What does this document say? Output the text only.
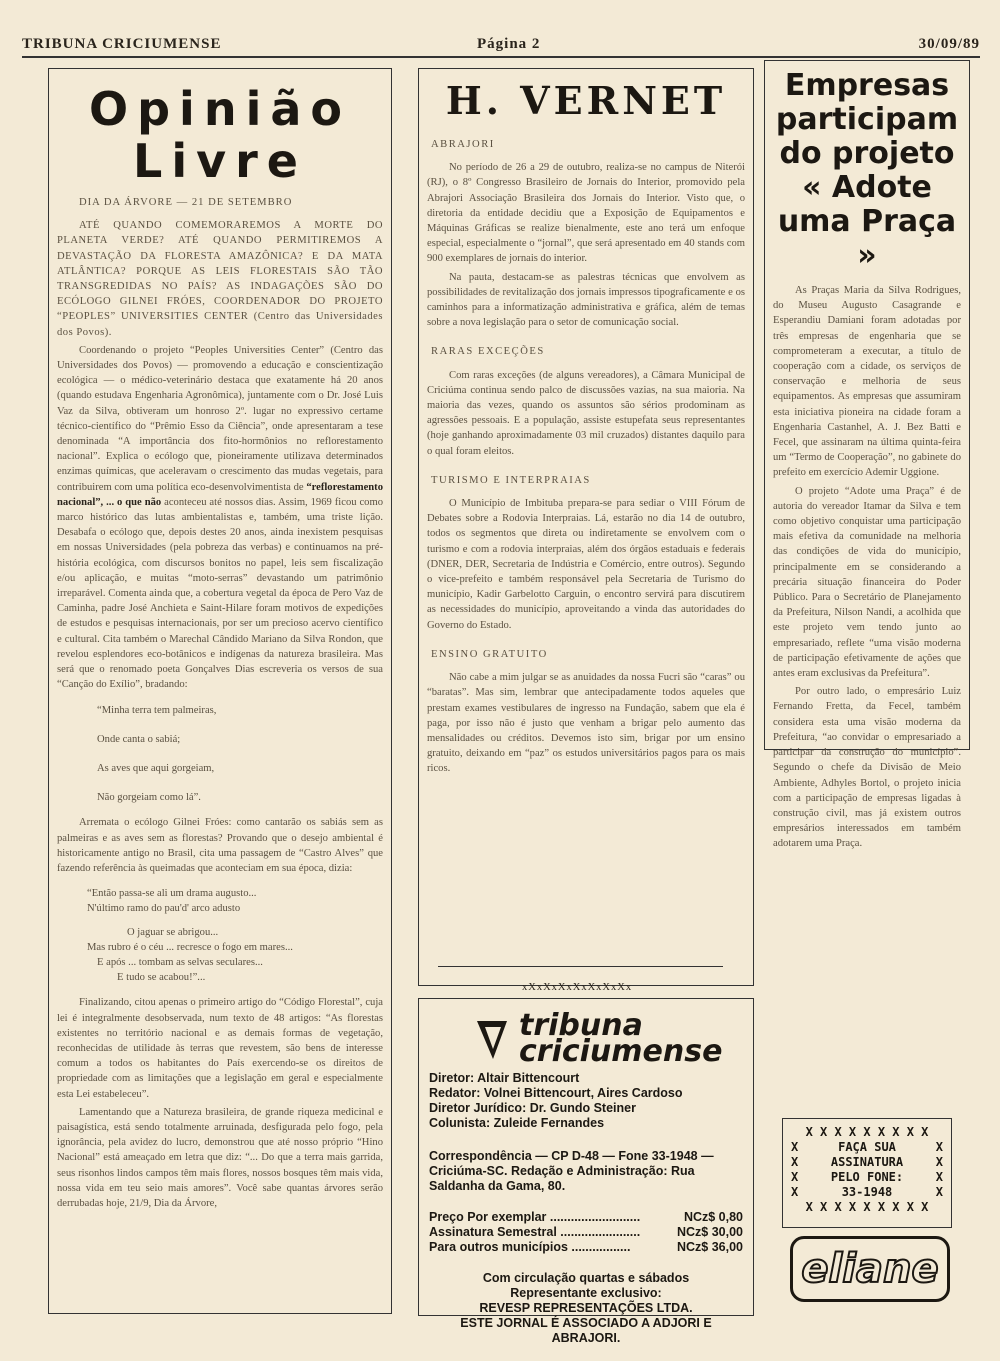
TRIBUNA CRICIUMENSE	Página 2	30/09/89
Opinião Livre
DIA DA ÁRVORE — 21 DE SETEMBRO

ATÉ QUANDO COMEMORAREMOS A MORTE DO PLANETA VERDE? ATÉ QUANDO PERMITIREMOS A DEVASTAÇÃO DA FLORESTA AMAZÔNICA? E DA MATA ATLÂNTICA? PORQUE AS LEIS FLORESTAIS SÃO TÃO TRANSGREDIDAS NO PAÍS? AS INDAGAÇÕES SÃO DO ECÓLOGO GILNEI FRÓES, COORDENADOR DO PROJETO “PEOPLES” UNIVERSITIES CENTER (Centro das Universidades dos Povos).

Coordenando o projeto “Peoples Universities Center” (Centro das Universidades dos Povos) — promovendo a educação e conscientização ecológica — o médico-veterinário destaca que exatamente há 20 anos (quando estudava Engenharia Agronômica), juntamente com o Dr. José Luis Vaz da Silva, obtiveram um honroso 2º. lugar no expressivo certame técnico-científico do “Prêmio Esso da Ciência”, onde apresentaram a tese denominada “A importância dos fito-hormônios no reflorestamento nacional”. Explica o ecólogo que, pioneiramente utilizava determinados enzimas químicas, que aceleravam o crescimento das mudas vegetais, para contribuirem com uma política eco-desenvolvimentista de “reflorestamento nacional”, ... o que não aconteceu até nossos dias. Assim, 1969 ficou como marco histórico das lutas ambientalistas e, também, uma triste lição. Desabafa o ecólogo que, depois destes 20 anos, ainda inexistem pesquisas em nossas Universidades (pela pobreza das verbas) e continuamos na pré-história ecológica, com discursos bonitos no papel, leis sem fiscalização e/ou aplicação, e muitas “moto-serras” devastando um patrimônio irreparável. Comenta ainda que, a cobertura vegetal da época de Pero Vaz de Caminha, padre José Anchieta e Saint-Hilare foram motivos de expedições de estudos e pesquisas internacionais, por ser um precioso acervo científico e cultural. Cita também o Marechal Cândido Mariano da Silva Rondon, que revelou esplendores eco-botânicos e indígenas da natureza brasileira. Mas será que o renomado poeta Gonçalves Dias escreveria os versos de sua “Canção do Exílio”, bradando:

“Minha terra tem palmeiras,
Onde canta o sabiá;
As aves que aqui gorgeiam,
Não gorgeiam como lá”.

Arremata o ecólogo Gilnei Fróes: como cantarão os sabiás sem as palmeiras e as aves sem as florestas? Provando que o desejo ambiental é historicamente antigo no Brasil, cita uma passagem de “Castro Alves” que fazendo referência às queimadas que aconteciam em sua época, dizia:

“Então passa-se ali um drama augusto...
N'último ramo do pau'd' arco adusto
O jaguar se abrigou...
Mas rubro é o céu ... recresce o fogo em mares...
E após ... tombam as selvas seculares...
E tudo se acabou!”...

Finalizando, citou apenas o primeiro artigo do “Código Florestal”, cuja lei é integralmente desobservada, num texto de 48 artigos: “As florestas existentes no território nacional e as demais formas de vegetação, reconhecidas de utilidade às terras que revestem, são bens de interesse comum a todos os habitantes do País exercendo-se os direitos de propriedade com as limitações que a legislação em geral e especialmente esta Lei estabeleceu”.

Lamentando que a Natureza brasileira, de grande riqueza medicinal e paisagística, está sendo totalmente arruinada, desfigurada pelo fogo, pela ignorância, pela avidez do lucro, demonstrou que até nosso próprio “Hino Nacional” está ameaçado em letra que diz: “... Do que a terra mais garrida, seus risonhos lindos campos têm mais flores, nossos bosques têm mais vida, nossa vida em teu seio mais amores”. Você sabe quantas árvores serão derrubadas hoje, 21/9, Dia da Árvore,

H. VERNET
ABRAJORI

No período de 26 a 29 de outubro, realiza-se no campus de Niterói (RJ), o 8º Congresso Brasileiro de Jornais do Interior, promovido pela Abrajori Associação Brasileira dos Jornais do Interior. Visto que, o diretoria da entidade decidiu que a Exposição de Equipamentos e Máquinas Gráficas se realize bienalmente, este ano terá um enfoque especial, especialmente o “jornal”, que será apresentado em 40 stands com 900 exemplares de jornais do interior.

Na pauta, destacam-se as palestras técnicas que envolvem as possibilidades de revitalização dos jornais impressos tipograficamente e os caminhos para a informatização administrativa e gráfica, além de temas sobre a nova legislação para o setor de comunicação social.

RARAS EXCEÇÕES

Com raras exceções (de alguns vereadores), a Câmara Municipal de Criciúma continua sendo palco de discussões vazias, na sua maioria. Na maioria das vezes, quando os assuntos são sérios prodominam as agressões pessoais. E a população, assiste estupefata seus representantes (hoje ganhando aproximadamente 03 mil cruzados) distantes daquilo para o qual foram eleitos.

TURISMO E INTERPRAIAS

O Município de Imbituba prepara-se para sediar o VIII Fórum de Debates sobre a Rodovia Interpraias. Lá, estarão no dia 14 de outubro, todos os segmentos que direta ou indiretamente se envolvem com o turismo e com a rodovia interpraias, além dos órgãos estaduais e federais (DNER, DER, Secretaria de Indústria e Comércio, entre outros). Segundo o vice-prefeito e também responsável pela Secretaria de Turismo do município, Kadir Garbelotto Carguin, o encontro servirá para discutirem as necessidades do município, aproveitando a vinda das autoridades do Governo do Estado.

ENSINO GRATUITO

Não cabe a mim julgar se as anuidades da nossa Fucri são “caras” ou “baratas”. Mas sim, lembrar que antecipadamente todos aqueles que prestam exames vestibulares de ingresso na Fundação, sabem que ela é paga, por isso não é justo que venham a brigar pelo aumento das mensalidades ou créditos. Devemos isto sim, brigar por um ensino gratuito, deixando em “paz” os estudos universitários pagos para os mais ricos.

xXxXxXxXxXxXxXx
tribuna
criciumense
Diretor: Altair Bittencourt
Redator: Volnei Bittencourt, Aires Cardoso
Diretor Jurídico: Dr. Gundo Steiner
Colunista: Zuleide Fernandes
Correspondência — CP D-48 — Fone 33-1948 — Criciúma-SC. Redação e Administração: Rua Saldanha da Gama, 80.
Preço Por exemplar ..........................	NCz$ 0,80
Assinatura Semestral .......................	NCz$ 30,00
Para outros municípios .................	NCz$ 36,00
Com circulação quartas e sábados
Representante exclusivo:
REVESP REPRESENTAÇÕES LTDA.
ESTE JORNAL É ASSOCIADO A ADJORI E
ABRAJORI.
Empresas participam do projeto « Adote uma Praça »

As Praças Maria da Silva Rodrigues, do Museu Augusto Casagrande e Esperandiu Damiani foram adotadas por três empresas de engenharia que se comprometeram a executar, a título de cooperação com a cidade, os serviços de conservação e melhoria de seus equipamentos. As empresas que assumiram esta iniciativa pioneira na cidade foram a Engenharia Castanhel, A. J. Bez Batti e Fecel, que assinaram na última quinta-feira um “Termo de Cooperação”, no gabinete do prefeito em exercício Ademir Uggione.

O projeto “Adote uma Praça” é de autoria do vereador Itamar da Silva e tem como objetivo conquistar uma participação mais efetiva da comunidade na melhoria das condições de vida do município, principalmente em se considerando a precária situação financeira do Poder Público. Para o Secretário de Planejamento da Prefeitura, Nilson Nandi, a acolhida que este projeto vem tendo junto ao empresariado, reflete “uma visão moderna de participação efetivamente de ações que antes eram exclusivas da Prefeitura”.

Por outro lado, o empresário Luiz Fernando Fretta, da Fecel, também considera esta uma visão moderna da Prefeitura, “ao convidar o empresariado a participar da construção do município”. Segundo o chefe da Divisão de Meio Ambiente, Adhyles Bortol, o projeto inicia com a participação de empresas ligadas à construção civil, mas já existem outros empresários interessados em também adotarem uma Praça.

X X X X X X X X X
X	FAÇA SUA	X
X	ASSINATURA	X
X	PELO FONE:	X
X	33-1948	X
X X X X X X X X X
eliane
